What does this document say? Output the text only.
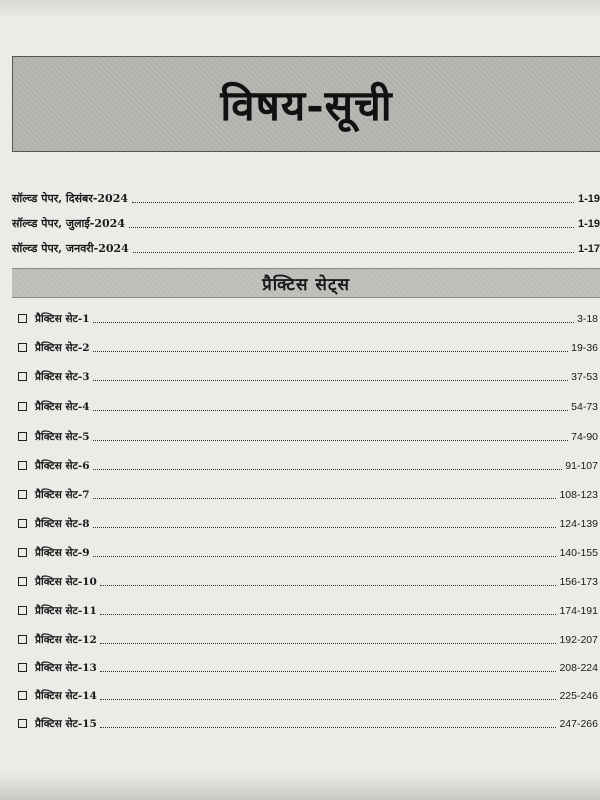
विषय-सूची
सॉल्व्ड पेपर, दिसंबर-2024	1-19
सॉल्व्ड पेपर, जुलाई-2024	1-19
सॉल्व्ड पेपर, जनवरी-2024	1-17
प्रैक्टिस सेट्स
प्रैक्टिस सेट-1	3-18
प्रैक्टिस सेट-2	19-36
प्रैक्टिस सेट-3	37-53
प्रैक्टिस सेट-4	54-73
प्रैक्टिस सेट-5	74-90
प्रैक्टिस सेट-6	91-107
प्रैक्टिस सेट-7	108-123
प्रैक्टिस सेट-8	124-139
प्रैक्टिस सेट-9	140-155
प्रैक्टिस सेट-10	156-173
प्रैक्टिस सेट-11	174-191
प्रैक्टिस सेट-12	192-207
प्रैक्टिस सेट-13	208-224
प्रैक्टिस सेट-14	225-246
प्रैक्टिस सेट-15	247-266
